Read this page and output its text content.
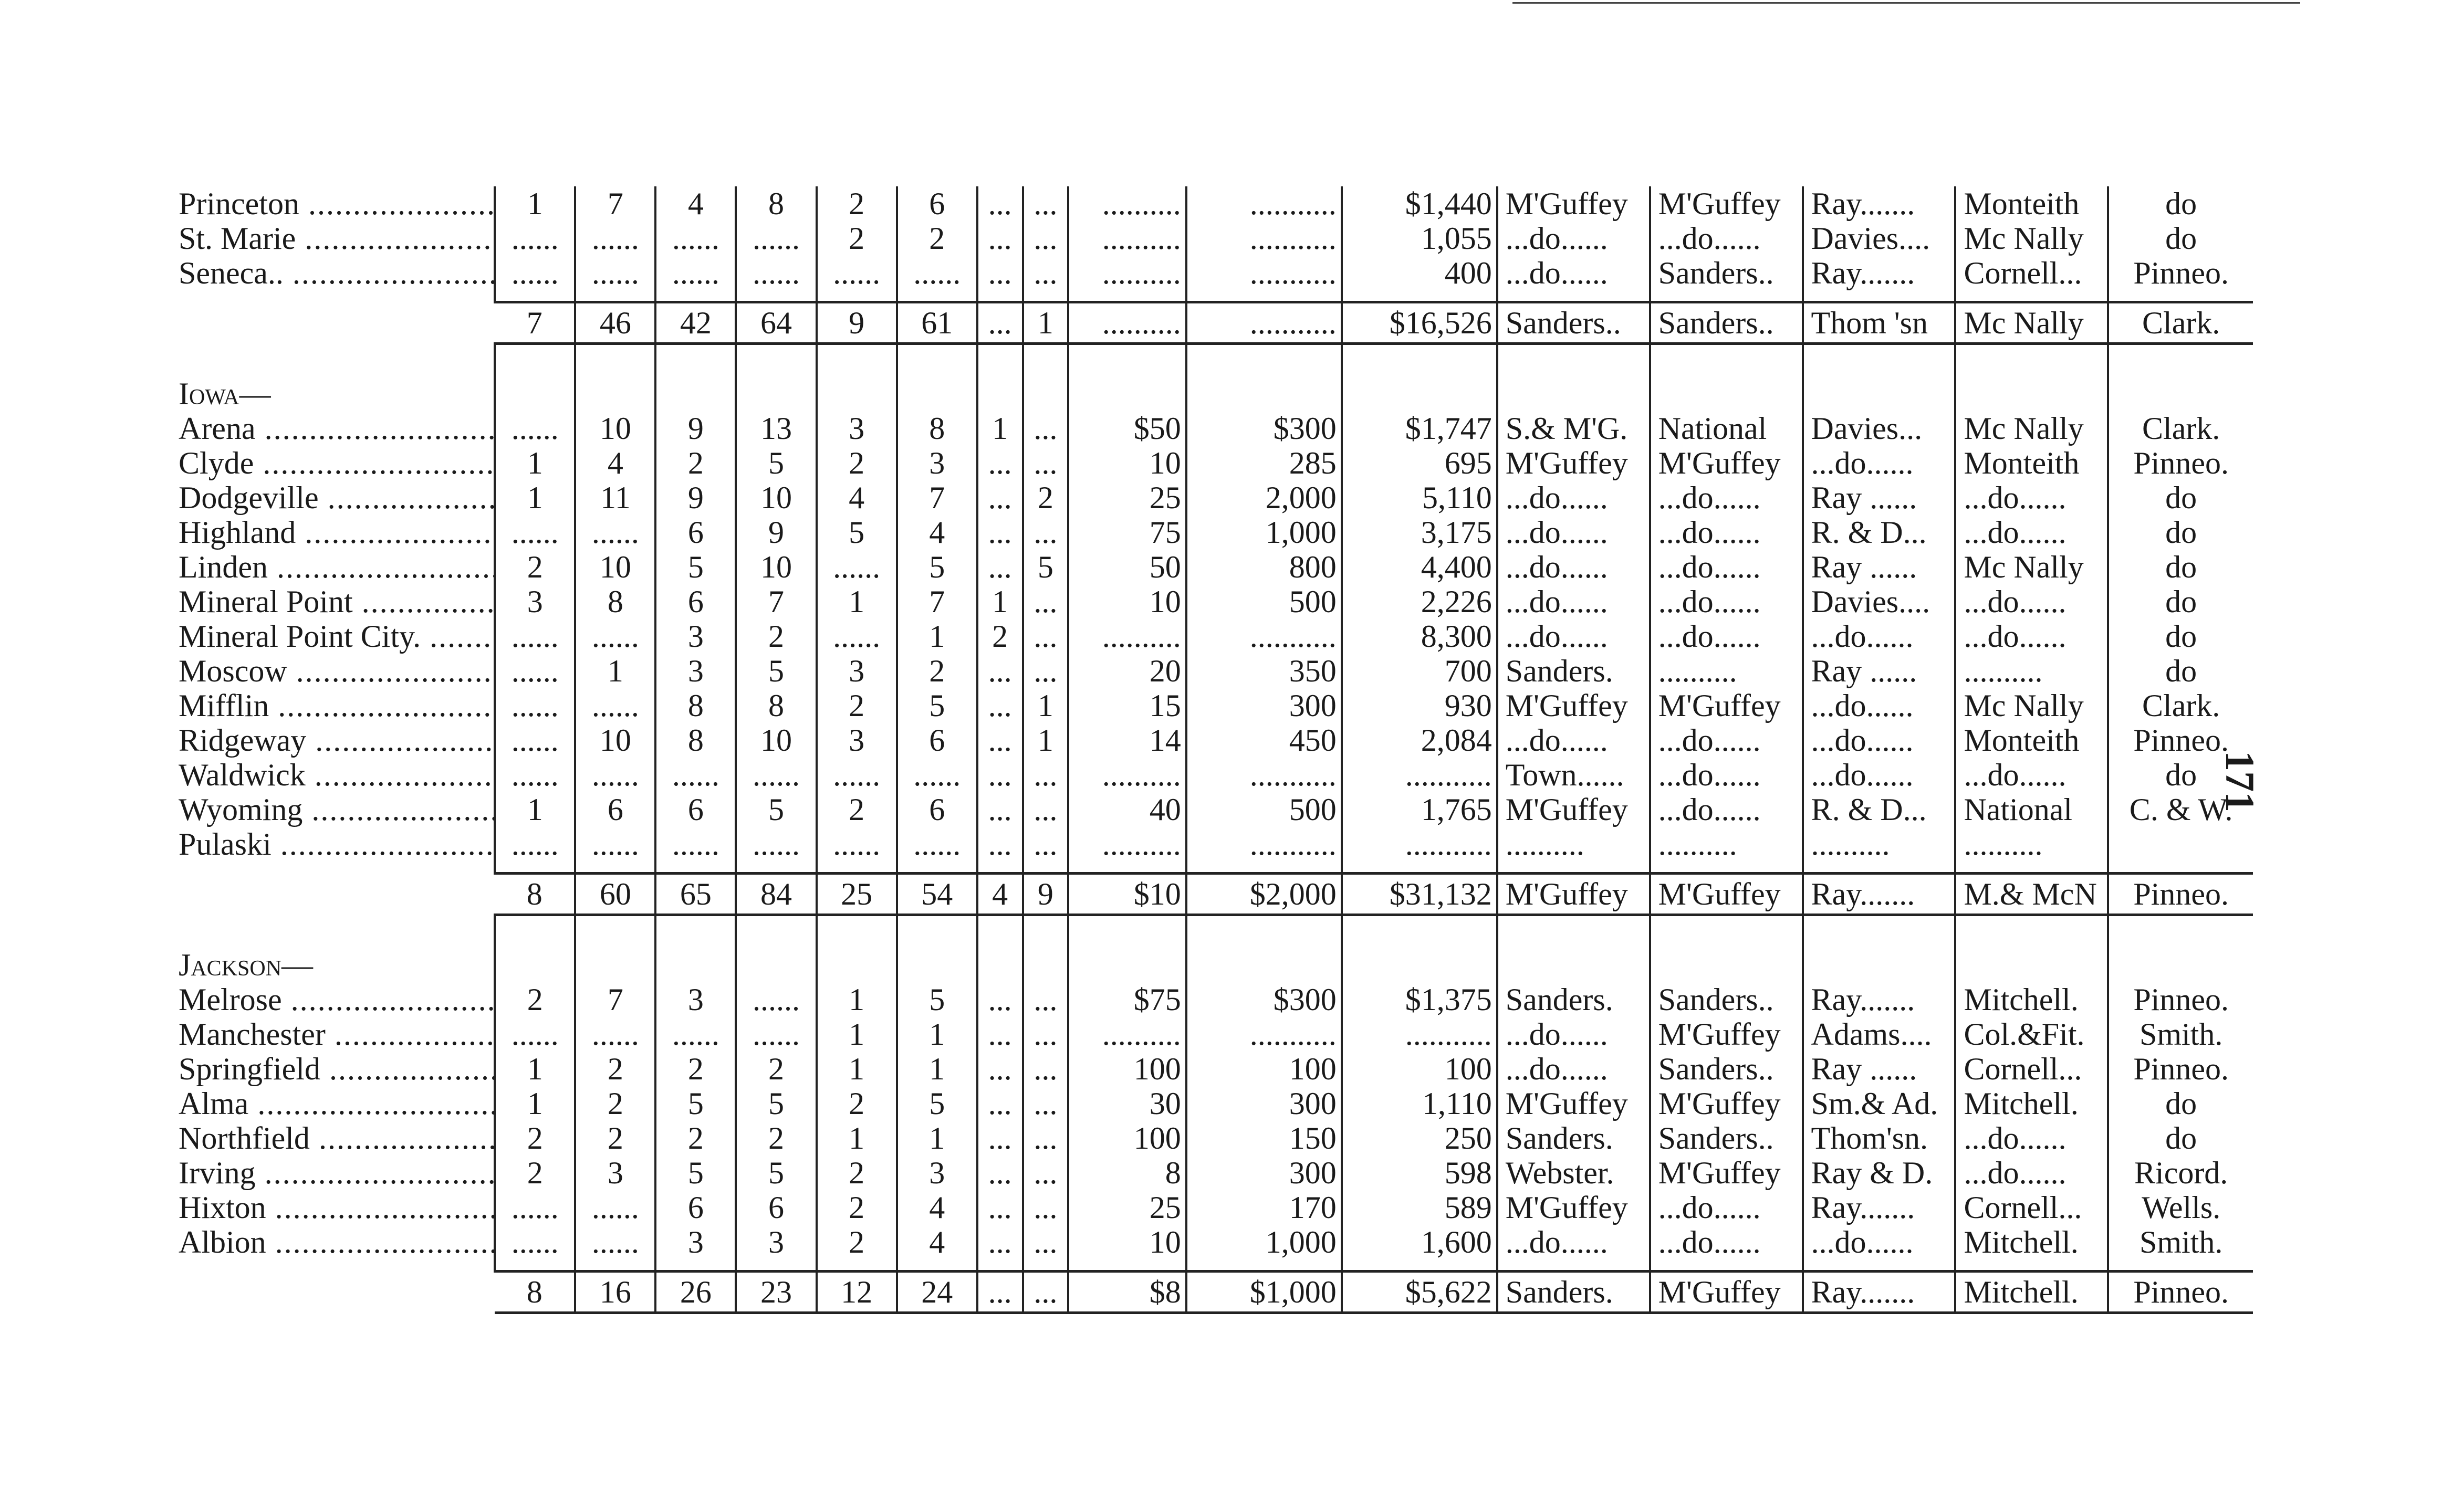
171
Princeton .....	1	7	4	8	2	6	...	...	..........	...........	$1,440	M'Guffey	M'Guffey	Ray.......	Monteith	do
St. Marie .....	......	......	......	......	2	2	...	...	..........	...........	1,055	...do......	...do......	Davies....	Mc Nally	do
Seneca.. .....	......	......	......	......	......	......	...	...	..........	...........	400	...do......	Sanders..	Ray.......	Cornell...	Pinneo.

	7	46	42	64	9	61	...	1	..........	...........	$16,526	Sanders..	Sanders..	Thom 'sn	Mc Nally	Clark.

Iowa—																
Arena .....	......	10	9	13	3	8	1	...	$50	$300	$1,747	S.& M'G.	National	Davies...	Mc Nally	Clark.
Clyde .....	1	4	2	5	2	3	...	...	10	285	695	M'Guffey	M'Guffey	...do......	Monteith	Pinneo.
Dodgeville .....	1	11	9	10	4	7	...	2	25	2,000	5,110	...do......	...do......	Ray ......	...do......	do
Highland .....	......	......	6	9	5	4	...	...	75	1,000	3,175	...do......	...do......	R. & D...	...do......	do
Linden .....	2	10	5	10	......	5	...	5	50	800	4,400	...do......	...do......	Ray ......	Mc Nally	do
Mineral Point .....	3	8	6	7	1	7	1	...	10	500	2,226	...do......	...do......	Davies....	...do......	do
Mineral Point City. .....	......	......	3	2	......	1	2	...	..........	...........	8,300	...do......	...do......	...do......	...do......	do
Moscow .....	......	1	3	5	3	2	...	...	20	350	700	Sanders.	..........	Ray ......	..........	do
Mifflin .....	......	......	8	8	2	5	...	1	15	300	930	M'Guffey	M'Guffey	...do......	Mc Nally	Clark.
Ridgeway .....	......	10	8	10	3	6	...	1	14	450	2,084	...do......	...do......	...do......	Monteith	Pinneo.
Waldwick .....	......	......	......	......	......	......	...	...	..........	...........	...........	Town......	...do......	...do......	...do......	do
Wyoming .....	1	6	6	5	2	6	...	...	40	500	1,765	M'Guffey	...do......	R. & D...	National	C. & W.
Pulaski .....	......	......	......	......	......	......	...	...	..........	...........	...........	..........	..........	..........	..........	

	8	60	65	84	25	54	4	9	$10	$2,000	$31,132	M'Guffey	M'Guffey	Ray.......	M.& McN	Pinneo.

Jackson—																
Melrose .....	2	7	3	......	1	5	...	...	$75	$300	$1,375	Sanders.	Sanders..	Ray.......	Mitchell.	Pinneo.
Manchester .....	......	......	......	......	1	1	...	...	..........	...........	...........	...do......	M'Guffey	Adams....	Col.&Fit.	Smith.
Springfield .....	1	2	2	2	1	1	...	...	100	100	100	...do......	Sanders..	Ray ......	Cornell...	Pinneo.
Alma .....	1	2	5	5	2	5	...	...	30	300	1,110	M'Guffey	M'Guffey	Sm.& Ad.	Mitchell.	do
Northfield .....	2	2	2	2	1	1	...	...	100	150	250	Sanders.	Sanders..	Thom'sn.	...do......	do
Irving .....	2	3	5	5	2	3	...	...	8	300	598	Webster.	M'Guffey	Ray & D.	...do......	Ricord.
Hixton .....	......	......	6	6	2	4	...	...	25	170	589	M'Guffey	...do......	Ray.......	Cornell...	Wells.
Albion .....	......	......	3	3	2	4	...	...	10	1,000	1,600	...do......	...do......	...do......	Mitchell.	Smith.

	8	16	26	23	12	24	...	...	$8	$1,000	$5,622	Sanders.	M'Guffey	Ray.......	Mitchell.	Pinneo.
